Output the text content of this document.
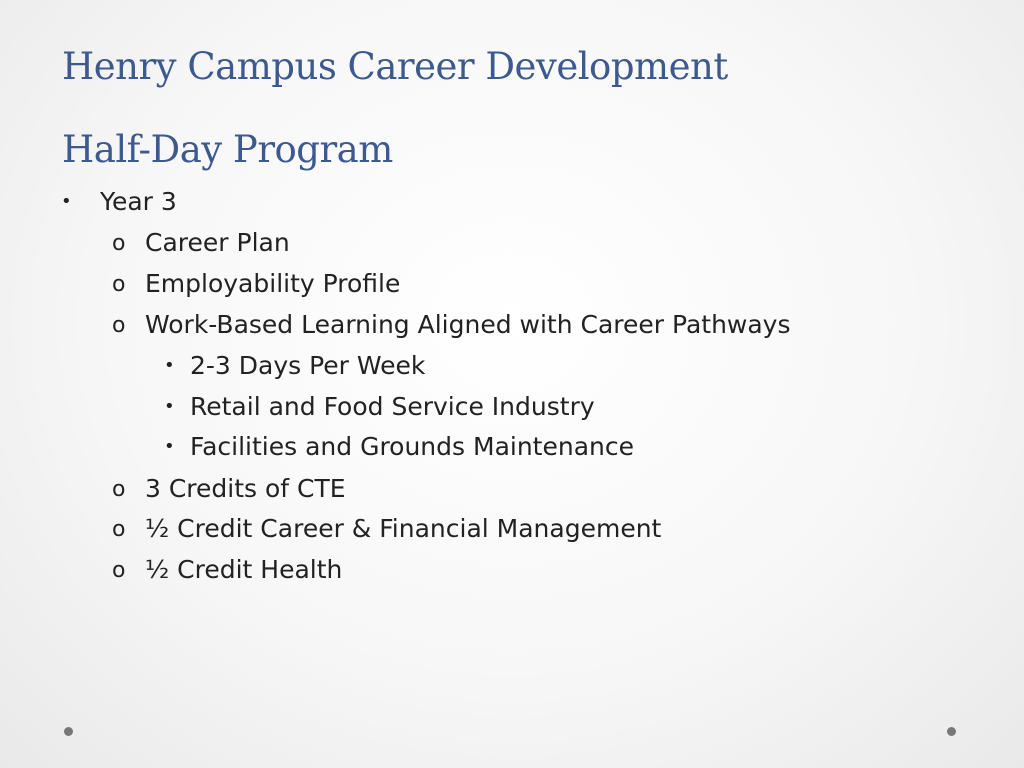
Henry Campus Career Development
Half-Day Program
• Year 3
o Career Plan
o Employability Profile
o Work-Based Learning Aligned with Career Pathways
• 2-3 Days Per Week
• Retail and Food Service Industry
• Facilities and Grounds Maintenance
o 3 Credits of CTE
o ½ Credit Career & Financial Management
o ½ Credit Health
